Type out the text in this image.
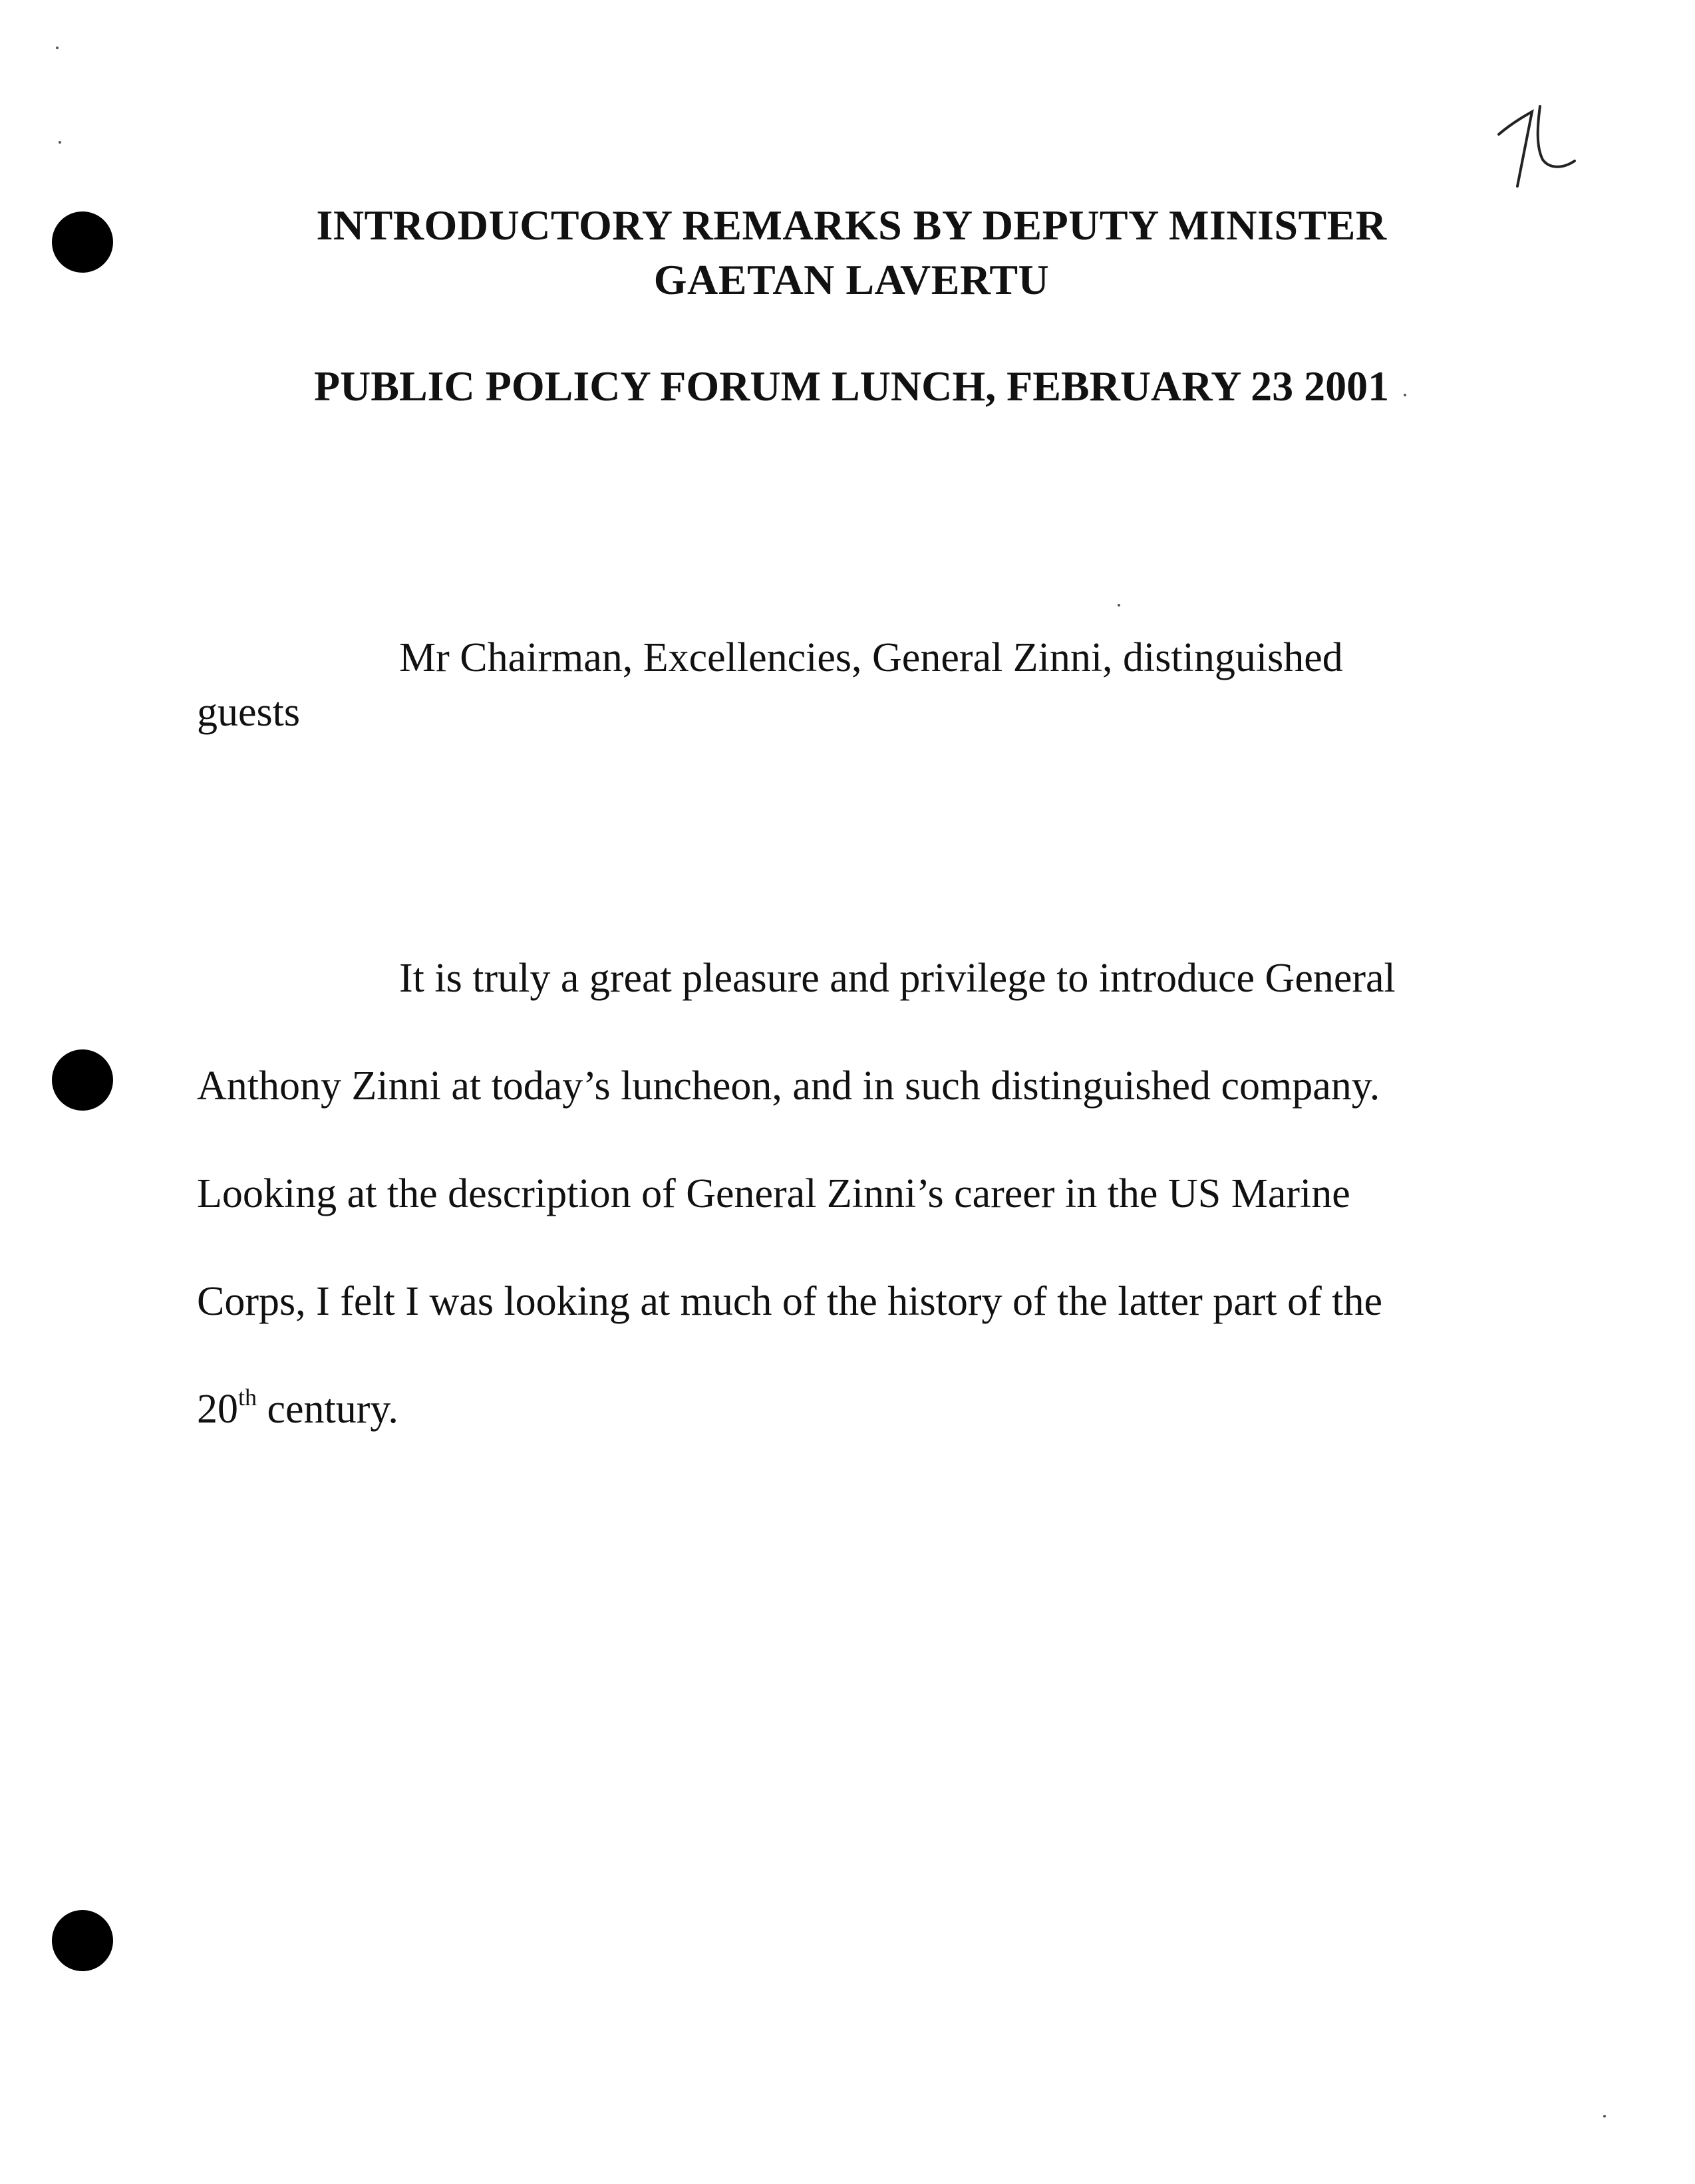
INTRODUCTORY REMARKS BY DEPUTY MINISTER
GAETAN LAVERTU
PUBLIC POLICY FORUM LUNCH, FEBRUARY 23 2001
Mr Chairman, Excellencies, General Zinni, distinguished
guests
It is truly a great pleasure and privilege to introduce General
Anthony Zinni at today’s luncheon, and in such distinguished company.
Looking at the description of General Zinni’s career in the US Marine
Corps, I felt I was looking at much of the history of the latter part of the
20th century.
